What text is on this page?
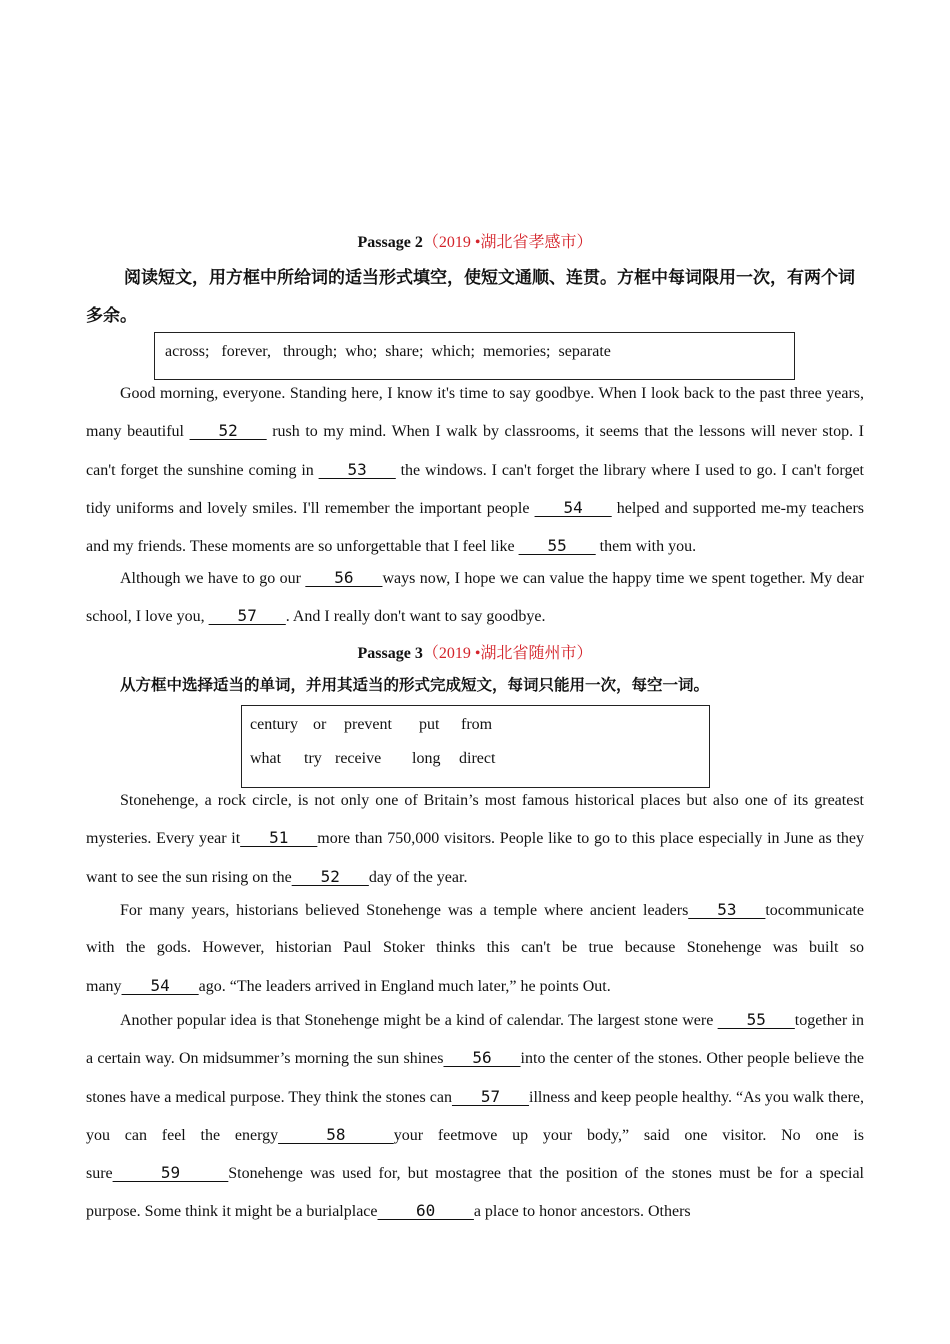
Passage 2（2019 •湖北省孝感市）
阅读短文，用方框中所给词的适当形式填空，使短文通顺、连贯。方框中每词限用一次，有两个词多余。
across;   forever,   through;  who;  share;  which;  memories;  separate
Good morning, everyone. Standing here, I know it's time to say goodbye. When I look back to the past three years, many beautiful ___52___ rush to my mind. When I walk by classrooms, it seems that the lessons will never stop. I can't forget the sunshine coming in ___53___ the windows. I can't forget the library where I used to go. I can't forget tidy uniforms and lovely smiles. I'll remember the important people ___54___ helped and supported me-my teachers and my friends. These moments are so unforgettable that I feel like ___55___ them with you.
Although we have to go our ___56___ways now, I hope we can value the happy time we spent together. My dear school, I love you, ___57___. And I really don't want to say goodbye.
Passage 3（2019 •湖北省随州市）
从方框中选择适当的单词，并用其适当的形式完成短文，每词只能用一次，每空一词。
century or prevent put from
what try receive long direct
Stonehenge, a rock circle, is not only one of Britain’s most famous historical places but also one of its greatest mysteries. Every year it___51___more than 750,000 visitors. People like to go to this place especially in June as they want to see the sun rising on the___52___day of the year.
For many years, historians believed Stonehenge was a temple where ancient leaders___53___tocommunicate with the gods. However, historian Paul Stoker thinks this can't be true because Stonehenge was built so many___54___ago. “The leaders arrived in England much later,” he points Out.
Another popular idea is that Stonehenge might be a kind of calendar. The largest stone were ___55___together in a certain way. On midsummer’s morning the sun shines___56___into the center of the stones. Other people believe the stones have a medical purpose. They think the stones can___57___illness and keep people healthy. “As you walk there, you can feel the energy_____58_____your feetmove up your body,” said one visitor. No one is sure_____59_____Stonehenge was used for, but mostagree that the position of the stones must be for a special purpose. Some think it might be a burialplace____60____a place to honor ancestors. Others
